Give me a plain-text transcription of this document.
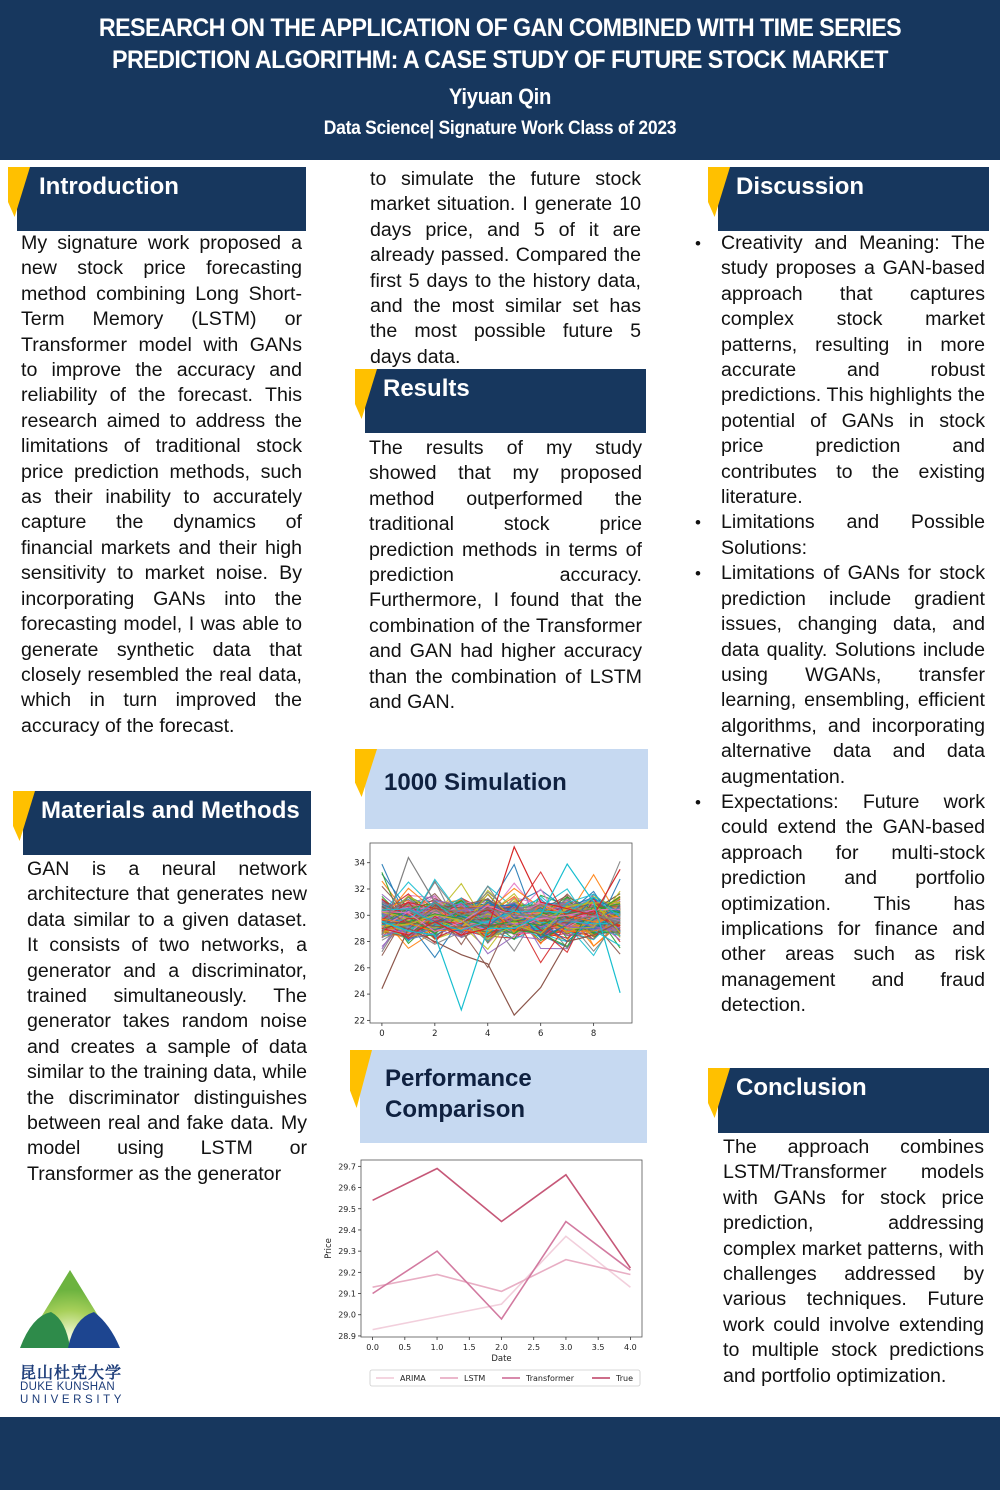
RESEARCH ON THE APPLICATION OF GAN COMBINED WITH TIME SERIES
PREDICTION ALGORITHM: A CASE STUDY OF FUTURE STOCK MARKET
Yiyuan Qin
Data Science| Signature Work Class of 2023
Introduction
My signature work proposed a new stock price forecasting method combining Long Short-Term Memory (LSTM) or Transformer model with GANs to improve the accuracy and reliability of the forecast. This research aimed to address the limitations of traditional stock price prediction methods, such as their inability to accurately capture the dynamics of financial markets and their high sensitivity to market noise. By incorporating GANs into the forecasting model, I was able to generate synthetic data that closely resembled the real data, which in turn improved the accuracy of the forecast.
Materials and Methods
GAN is a neural network architecture that generates new data similar to a given dataset. It consists of two networks, a generator and a discriminator, trained simultaneously. The generator takes random noise and creates a sample of data similar to the training data, while the discriminator distinguishes between real and fake data. My model using LSTM or Transformer as the generator
昆山杜克大学
DUKE KUNSHAN
UNIVERSITY
to simulate the future stock market situation. I generate 10 days price, and 5 of it are already passed. Compared the first 5 days to the history data, and the most similar set has the most possible future 5 days data.
Results
The results of my study showed that my proposed method outperformed the traditional stock price prediction methods in terms of prediction accuracy. Furthermore, I found that the combination of the Transformer and GAN had higher accuracy than the combination of LSTM and GAN.
1000 Simulation
22
24
26
28
30
32
34
0	2	4	6	8
Performance
Comparison
28.9
29.0
29.1
29.2
29.3
29.4
29.5
29.6
29.7
0.0 0.5 1.0 1.5 2.0 2.5 3.0 3.5 4.0
Date
Price
ARIMA	LSTM	Transformer	True
Discussion
• Creativity and Meaning: The study proposes a GAN-based approach that captures complex stock market patterns, resulting in more accurate and robust predictions. This highlights the potential of GANs in stock price prediction and contributes to the existing literature.
• Limitations and Possible Solutions:
• Limitations of GANs for stock prediction include gradient issues, changing data, and data quality. Solutions include using WGANs, transfer learning, ensembling, efficient algorithms, and incorporating alternative data and data augmentation.
• Expectations: Future work could extend the GAN-based approach for multi-stock prediction and portfolio optimization. This has implications for finance and other areas such as risk management and fraud detection.
Conclusion
The approach combines LSTM/Transformer models with GANs for stock price prediction, addressing complex market patterns, with challenges addressed by various techniques. Future work could involve extending to multiple stock predictions and portfolio optimization.
